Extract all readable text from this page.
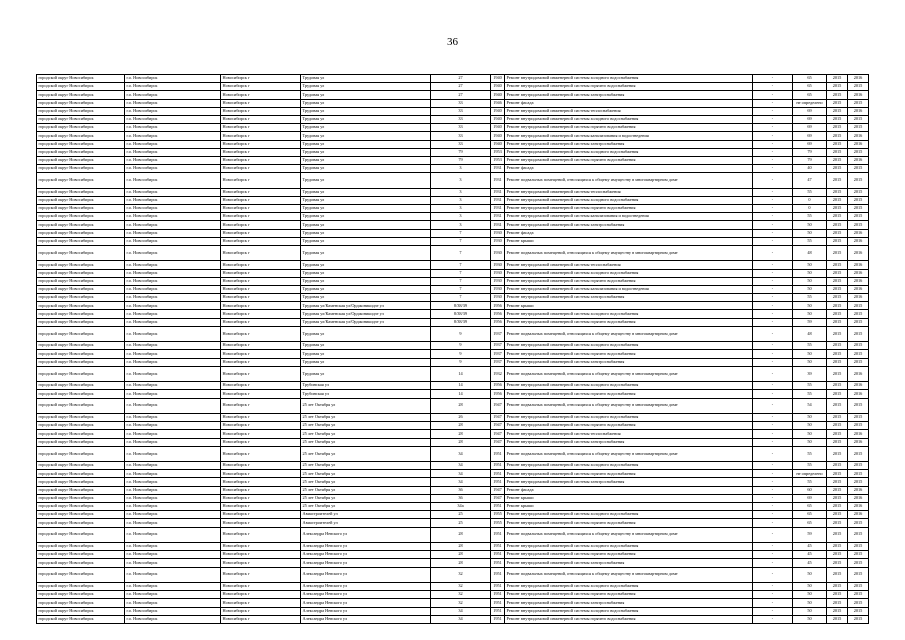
36
городской округ Новосибирск	г.о. Новосибирск	Новосибирск г	Трудовая ул	27	1940	Ремонт внутридомовой инженерной системы холодного водоснабжения	-	65	2015	2016
городской округ Новосибирск	г.о. Новосибирск	Новосибирск г	Трудовая ул	27	1940	Ремонт внутридомовой инженерной системы горячего водоснабжения	-	65	2015	2015
городской округ Новосибирск	г.о. Новосибирск	Новосибирск г	Трудовая ул	27	1940	Ремонт внутридомовой инженерной системы электроснабжения	-	65	2015	2016
городской округ Новосибирск	г.о. Новосибирск	Новосибирск г	Трудовая ул	33	1946	Ремонт фасада	-	не определено	2015	2015
городской округ Новосибирск	г.о. Новосибирск	Новосибирск г	Трудовая ул	33	1940	Ремонт внутридомовой инженерной системы теплоснабжения	-	69	2015	2016
городской округ Новосибирск	г.о. Новосибирск	Новосибирск г	Трудовая ул	33	1940	Ремонт внутридомовой инженерной системы холодного водоснабжения	-	69	2015	2015
городской округ Новосибирск	г.о. Новосибирск	Новосибирск г	Трудовая ул	33	1940	Ремонт внутридомовой инженерной системы горячего водоснабжения	-	69	2015	2015
городской округ Новосибирск	г.о. Новосибирск	Новосибирск г	Трудовая ул	33	1940	Ремонт внутридомовой инженерной системы канализования и водоотведения	-	69	2015	2016
городской округ Новосибирск	г.о. Новосибирск	Новосибирск г	Трудовая ул	33	1940	Ремонт внутридомовой инженерной системы электроснабжения	-	69	2015	2016
городской округ Новосибирск	г.о. Новосибирск	Новосибирск г	Трудовая ул	79	1953	Ремонт внутридомовой инженерной системы холодного водоснабжения	-	79	2015	2015
городской округ Новосибирск	г.о. Новосибирск	Новосибирск г	Трудовая ул	79	1953	Ремонт внутридомовой инженерной системы горячего водоснабжения	-	79	2015	2016
городской округ Новосибирск	г.о. Новосибирск	Новосибирск г	Трудовая ул	3	1931	Ремонт фасада	-	40	2015	2015
городской округ Новосибирск	г.о. Новосибирск	Новосибирск г	Трудовая ул	3	1931	Ремонт подвальных помещений, относящихся к общему имуществу в многоквартирном доме	-	47	2015	2015
городской округ Новосибирск	г.о. Новосибирск	Новосибирск г	Трудовая ул	3	1931	Ремонт внутридомовой инженерной системы теплоснабжения	-	55	2015	2015
городской округ Новосибирск	г.о. Новосибирск	Новосибирск г	Трудовая ул	3	1931	Ремонт внутридомовой инженерной системы холодного водоснабжения	-	0	2015	2015
городской округ Новосибирск	г.о. Новосибирск	Новосибирск г	Трудовая ул	3	1931	Ремонт внутридомовой инженерной системы горячего водоснабжения	-	0	2015	2015
городской округ Новосибирск	г.о. Новосибирск	Новосибирск г	Трудовая ул	3	1931	Ремонт внутридомовой инженерной системы канализования и водоотведения	-	55	2015	2015
городской округ Новосибирск	г.о. Новосибирск	Новосибирск г	Трудовая ул	3	1931	Ремонт внутридомовой инженерной системы электроснабжения	-	50	2015	2015
городской округ Новосибирск	г.о. Новосибирск	Новосибирск г	Трудовая ул	7	1930	Ремонт фасада	-	50	2015	2016
городской округ Новосибирск	г.о. Новосибирск	Новосибирск г	Трудовая ул	7	1930	Ремонт крыши	-	55	2015	2016
городской округ Новосибирск	г.о. Новосибирск	Новосибирск г	Трудовая ул	7	1930	Ремонт подвальных помещений, относящихся к общему имуществу в многоквартирном доме	-	48	2015	2016
городской округ Новосибирск	г.о. Новосибирск	Новосибирск г	Трудовая ул	7	1930	Ремонт внутридомовой инженерной системы теплоснабжения	-	50	2015	2016
городской округ Новосибирск	г.о. Новосибирск	Новосибирск г	Трудовая ул	7	1930	Ремонт внутридомовой инженерной системы холодного водоснабжения	-	50	2015	2016
городской округ Новосибирск	г.о. Новосибирск	Новосибирск г	Трудовая ул	7	1930	Ремонт внутридомовой инженерной системы горячего водоснабжения	-	50	2015	2016
городской округ Новосибирск	г.о. Новосибирск	Новосибирск г	Трудовая ул	7	1930	Ремонт внутридомовой инженерной системы канализования и водоотведения	-	50	2015	2016
городской округ Новосибирск	г.о. Новосибирск	Новосибирск г	Трудовая ул	7	1930	Ремонт внутридомовой инженерной системы электроснабжения	-	55	2015	2016
городской округ Новосибирск	г.о. Новосибирск	Новосибирск г	Трудовая ул/Каменская ул/Орджоникидзе ул	8/38/39	1956	Ремонт крыши	-	50	2015	2015
городской округ Новосибирск	г.о. Новосибирск	Новосибирск г	Трудовая ул/Каменская ул/Орджоникидзе ул	8/38/39	1956	Ремонт внутридомовой инженерной системы холодного водоснабжения	-	50	2015	2015
городской округ Новосибирск	г.о. Новосибирск	Новосибирск г	Трудовая ул/Каменская ул/Орджоникидзе ул	8/38/39	1956	Ремонт внутридомовой инженерной системы горячего водоснабжения	-	59	2015	2015
городской округ Новосибирск	г.о. Новосибирск	Новосибирск г	Трудовая ул	9	1937	Ремонт подвальных помещений, относящихся к общему имуществу в многоквартирном доме	-	48	2015	2015
городской округ Новосибирск	г.о. Новосибирск	Новосибирск г	Трудовая ул	9	1937	Ремонт внутридомовой инженерной системы холодного водоснабжения	-	55	2015	2015
городской округ Новосибирск	г.о. Новосибирск	Новосибирск г	Трудовая ул	9	1937	Ремонт внутридомовой инженерной системы горячего водоснабжения	-	50	2015	2015
городской округ Новосибирск	г.о. Новосибирск	Новосибирск г	Трудовая ул	9	1937	Ремонт внутридомовой инженерной системы электроснабжения	-	50	2015	2015
городской округ Новосибирск	г.о. Новосибирск	Новосибирск г	Трудовая ул	14	1932	Ремонт подвальных помещений, относящихся к общему имуществу в многоквартирном доме	-	39	2015	2016
городской округ Новосибирск	г.о. Новосибирск	Новосибирск г	Трубинская ул	14	1956	Ремонт внутридомовой инженерной системы холодного водоснабжения	-	55	2015	2016
городской округ Новосибирск	г.о. Новосибирск	Новосибирск г	Трубинская ул	14	1956	Ремонт внутридомовой инженерной системы горячего водоснабжения	-	55	2015	2016
городской округ Новосибирск	г.о. Новосибирск	Новосибирск г	25 лет Октября ул	28	1947	Ремонт подвальных помещений, относящихся к общему имуществу в многоквартирном доме	-	54	2015	2015
городской округ Новосибирск	г.о. Новосибирск	Новосибирск г	25 лет Октября ул	26	1947	Ремонт внутридомовой инженерной системы холодного водоснабжения	-	50	2015	2015
городской округ Новосибирск	г.о. Новосибирск	Новосибирск г	25 лет Октября ул	28	1947	Ремонт внутридомовой инженерной системы горячего водоснабжения	-	50	2015	2015
городской округ Новосибирск	г.о. Новосибирск	Новосибирск г	25 лет Октября ул	28	1947	Ремонт внутридомовой инженерной системы теплоснабжения	-	50	2015	2016
городской округ Новосибирск	г.о. Новосибирск	Новосибирск г	25 лет Октября ул	28	1947	Ремонт внутридомовой инженерной системы электроснабжения	-	50	2015	2016
городской округ Новосибирск	г.о. Новосибирск	Новосибирск г	25 лет Октября ул	34	1951	Ремонт подвальных помещений, относящихся к общему имуществу в многоквартирном доме	-	55	2015	2015
городской округ Новосибирск	г.о. Новосибирск	Новосибирск г	25 лет Октября ул	34	1951	Ремонт внутридомовой инженерной системы холодного водоснабжения	-	55	2015	2015
городской округ Новосибирск	г.о. Новосибирск	Новосибирск г	25 лет Октября ул	34	1951	Ремонт внутридомовой инженерной системы горячего водоснабжения	-	не определено	2015	2015
городской округ Новосибирск	г.о. Новосибирск	Новосибирск г	25 лет Октября ул	34	1951	Ремонт внутридомовой инженерной системы электроснабжения	-	55	2015	2015
городской округ Новосибирск	г.о. Новосибирск	Новосибирск г	25 лет Октября ул	36	1947	Ремонт фасада	-	60	2015	2016
городской округ Новосибирск	г.о. Новосибирск	Новосибирск г	25 лет Октября ул	36	1947	Ремонт крыши	-	69	2015	2016
городской округ Новосибирск	г.о. Новосибирск	Новосибирск г	25 лет Октября ул	34а	1951	Ремонт крыши	-	65	2015	2016
городской округ Новосибирск	г.о. Новосибирск	Новосибирск г	Авиастроителей ул	25	1955	Ремонт внутридомовой инженерной системы холодного водоснабжения	-	65	2015	2016
городской округ Новосибирск	г.о. Новосибирск	Новосибирск г	Авиастроителей ул	25	1955	Ремонт внутридомовой инженерной системы горячего водоснабжения	-	65	2015	2015
городской округ Новосибирск	г.о. Новосибирск	Новосибирск г	Александра Невского ул	28	1951	Ремонт подвальных помещений, относящихся к общему имуществу в многоквартирном доме	-	59	2015	2015
городской округ Новосибирск	г.о. Новосибирск	Новосибирск г	Александра Невского ул	28	1951	Ремонт внутридомовой инженерной системы холодного водоснабжения	-	45	2015	2015
городской округ Новосибирск	г.о. Новосибирск	Новосибирск г	Александра Невского ул	28	1951	Ремонт внутридомовой инженерной системы горячего водоснабжения	-	45	2015	2015
городской округ Новосибирск	г.о. Новосибирск	Новосибирск г	Александра Невского ул	28	1951	Ремонт внутридомовой инженерной системы электроснабжения	-	45	2015	2015
городской округ Новосибирск	г.о. Новосибирск	Новосибирск г	Александра Невского ул	32	1951	Ремонт подвальных помещений, относящихся к общему имуществу в многоквартирном доме	-	50	2015	2015
городской округ Новосибирск	г.о. Новосибирск	Новосибирск г	Александра Невского ул	32	1951	Ремонт внутридомовой инженерной системы холодного водоснабжения	-	50	2015	2015
городской округ Новосибирск	г.о. Новосибирск	Новосибирск г	Александра Невского ул	32	1951	Ремонт внутридомовой инженерной системы горячего водоснабжения	-	50	2015	2015
городской округ Новосибирск	г.о. Новосибирск	Новосибирск г	Александра Невского ул	32	1951	Ремонт внутридомовой инженерной системы электроснабжения	-	50	2015	2015
городской округ Новосибирск	г.о. Новосибирск	Новосибирск г	Александра Невского ул	34	1951	Ремонт внутридомовой инженерной системы холодного водоснабжения	-	50	2015	2015
городской округ Новосибирск	г.о. Новосибирск	Новосибирск г	Александра Невского ул	34	1951	Ремонт внутридомовой инженерной системы горячего водоснабжения	-	50	2015	2015
